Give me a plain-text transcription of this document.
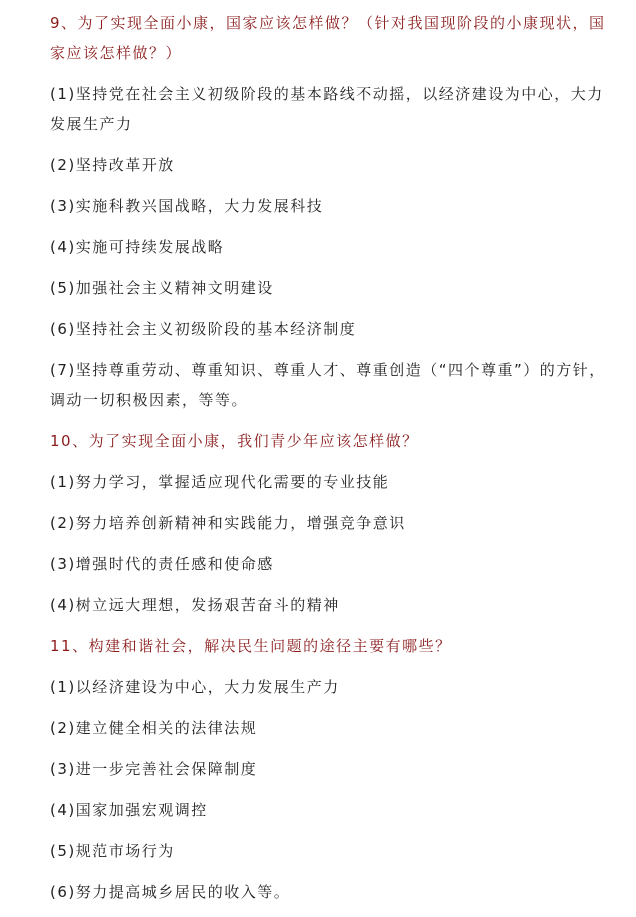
9、为了实现全面小康，国家应该怎样做？（针对我国现阶段的小康现状，国家应该怎样做？）
(1)坚持党在社会主义初级阶段的基本路线不动摇，以经济建设为中心，大力发展生产力
(2)坚持改革开放
(3)实施科教兴国战略，大力发展科技
(4)实施可持续发展战略
(5)加强社会主义精神文明建设
(6)坚持社会主义初级阶段的基本经济制度
(7)坚持尊重劳动、尊重知识、尊重人才、尊重创造（“四个尊重”）的方针，调动一切积极因素，等等。
10、为了实现全面小康，我们青少年应该怎样做？
(1)努力学习，掌握适应现代化需要的专业技能
(2)努力培养创新精神和实践能力，增强竞争意识
(3)增强时代的责任感和使命感
(4)树立远大理想，发扬艰苦奋斗的精神
11、构建和谐社会，解决民生问题的途径主要有哪些？
(1)以经济建设为中心，大力发展生产力
(2)建立健全相关的法律法规
(3)进一步完善社会保障制度
(4)国家加强宏观调控
(5)规范市场行为
(6)努力提高城乡居民的收入等。
